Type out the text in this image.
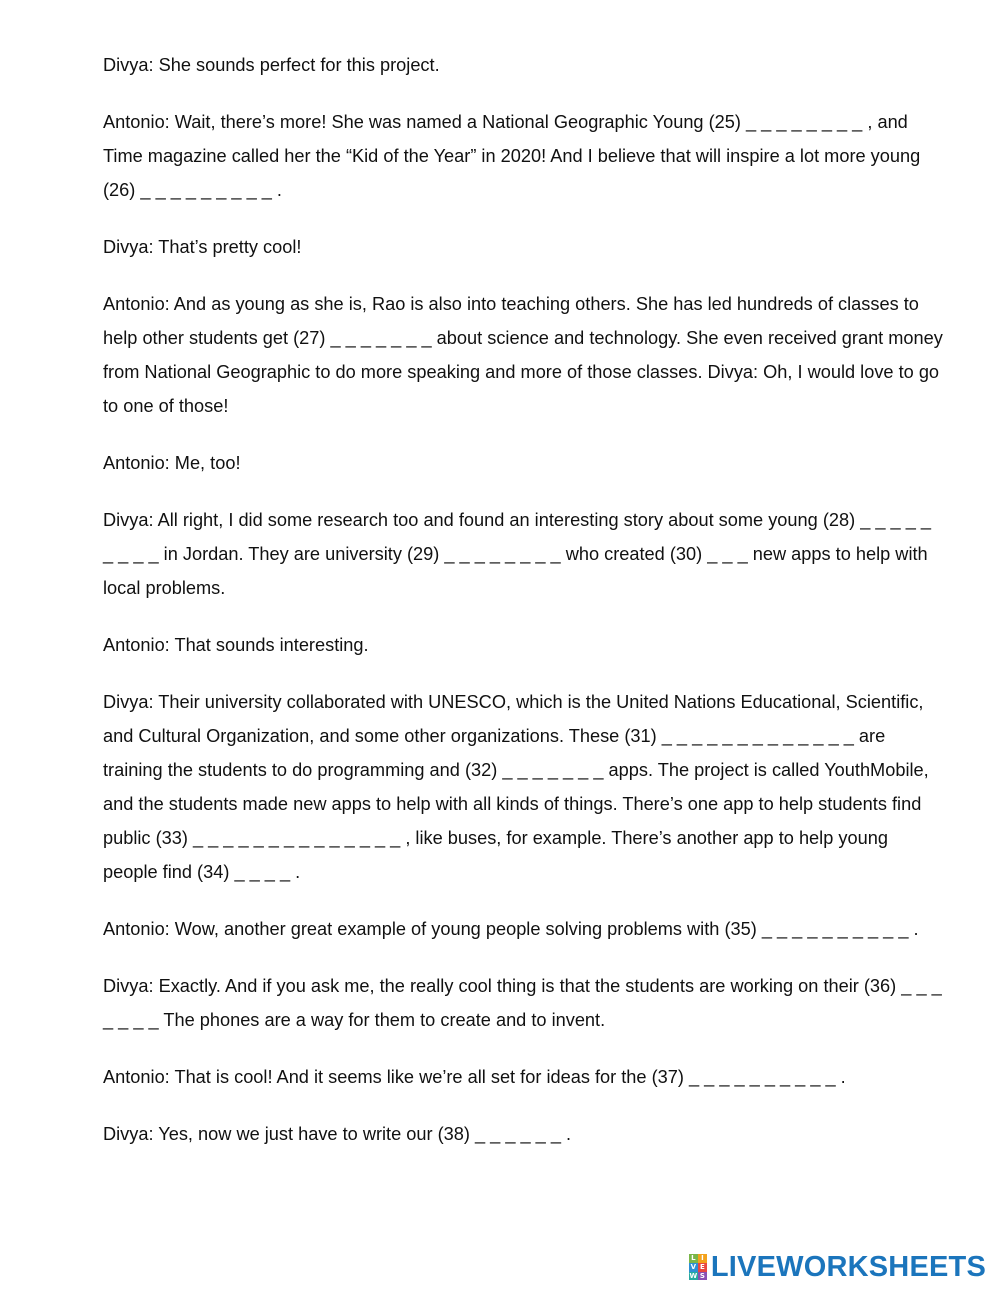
Divya: She sounds perfect for this project.

Antonio: Wait, there’s more! She was named a National Geographic Young (25) _ _ _ _ _ _ _ _ , and Time magazine called her the “Kid of the Year” in 2020! And I believe that will inspire a lot more young (26) _ _ _ _ _ _ _ _ _ .

Divya: That’s pretty cool!

Antonio: And as young as she is, Rao is also into teaching others. She has led hundreds of classes to help other students get (27) _ _ _ _ _ _ _ about science and technology. She even received grant money from National Geographic to do more speaking and more of those classes. Divya: Oh, I would love to go to one of those!

Antonio: Me, too!

Divya: All right, I did some research too and found an interesting story about some young (28) _ _ _ _ _ _ _ _ _ in Jordan. They are university (29) _ _ _ _ _ _ _ _ who created (30) _ _ _ new apps to help with local problems.

Antonio: That sounds interesting.

Divya: Their university collaborated with UNESCO, which is the United Nations Educational, Scientific, and Cultural Organization, and some other organizations. These (31) _ _ _ _ _ _ _ _ _ _ _ _ _ are training the students to do programming and (32) _ _ _ _ _ _ _ apps. The project is called YouthMobile, and the students made new apps to help with all kinds of things. There’s one app to help students find public (33) _ _ _ _ _ _ _ _ _ _ _ _ _ _ , like buses, for example. There’s another app to help young people find (34) _ _ _ _ .

Antonio: Wow, another great example of young people solving problems with (35) _ _ _ _ _ _ _ _ _ _ .

Divya: Exactly. And if you ask me, the really cool thing is that the students are working on their (36) _ _ _ _ _ _ _ The phones are a way for them to create and to invent.

Antonio: That is cool! And it seems like we’re all set for ideas for the (37) _ _ _ _ _ _ _ _ _ _ .

Divya: Yes, now we just have to write our (38) _ _ _ _ _ _ .

L I
V E
W S LIVEWORKSHEETS
